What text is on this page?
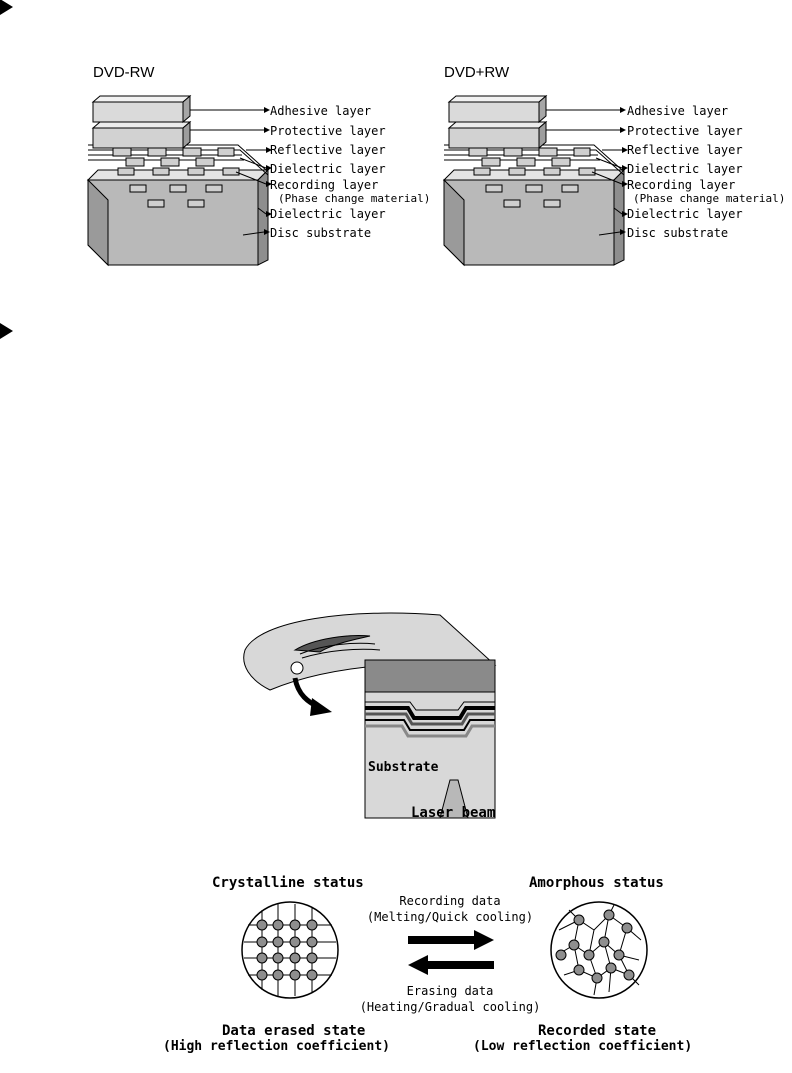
DVD-RW
Adhesive layer
Protective layer
Reflective layer
Dielectric layer
Recording layer
(Phase change material)
Dielectric layer
Disc substrate
DVD+RW
Adhesive layer
Protective layer
Reflective layer
Dielectric layer
Recording layer
(Phase change material)
Dielectric layer
Disc substrate
Substrate
Laser beam
Crystalline status	Amorphous status
Recording data
(Melting/Quick cooling)
Erasing data
(Heating/Gradual cooling)
Data erased state
(High reflection coefficient)
Recorded state
(Low reflection coefficient)
